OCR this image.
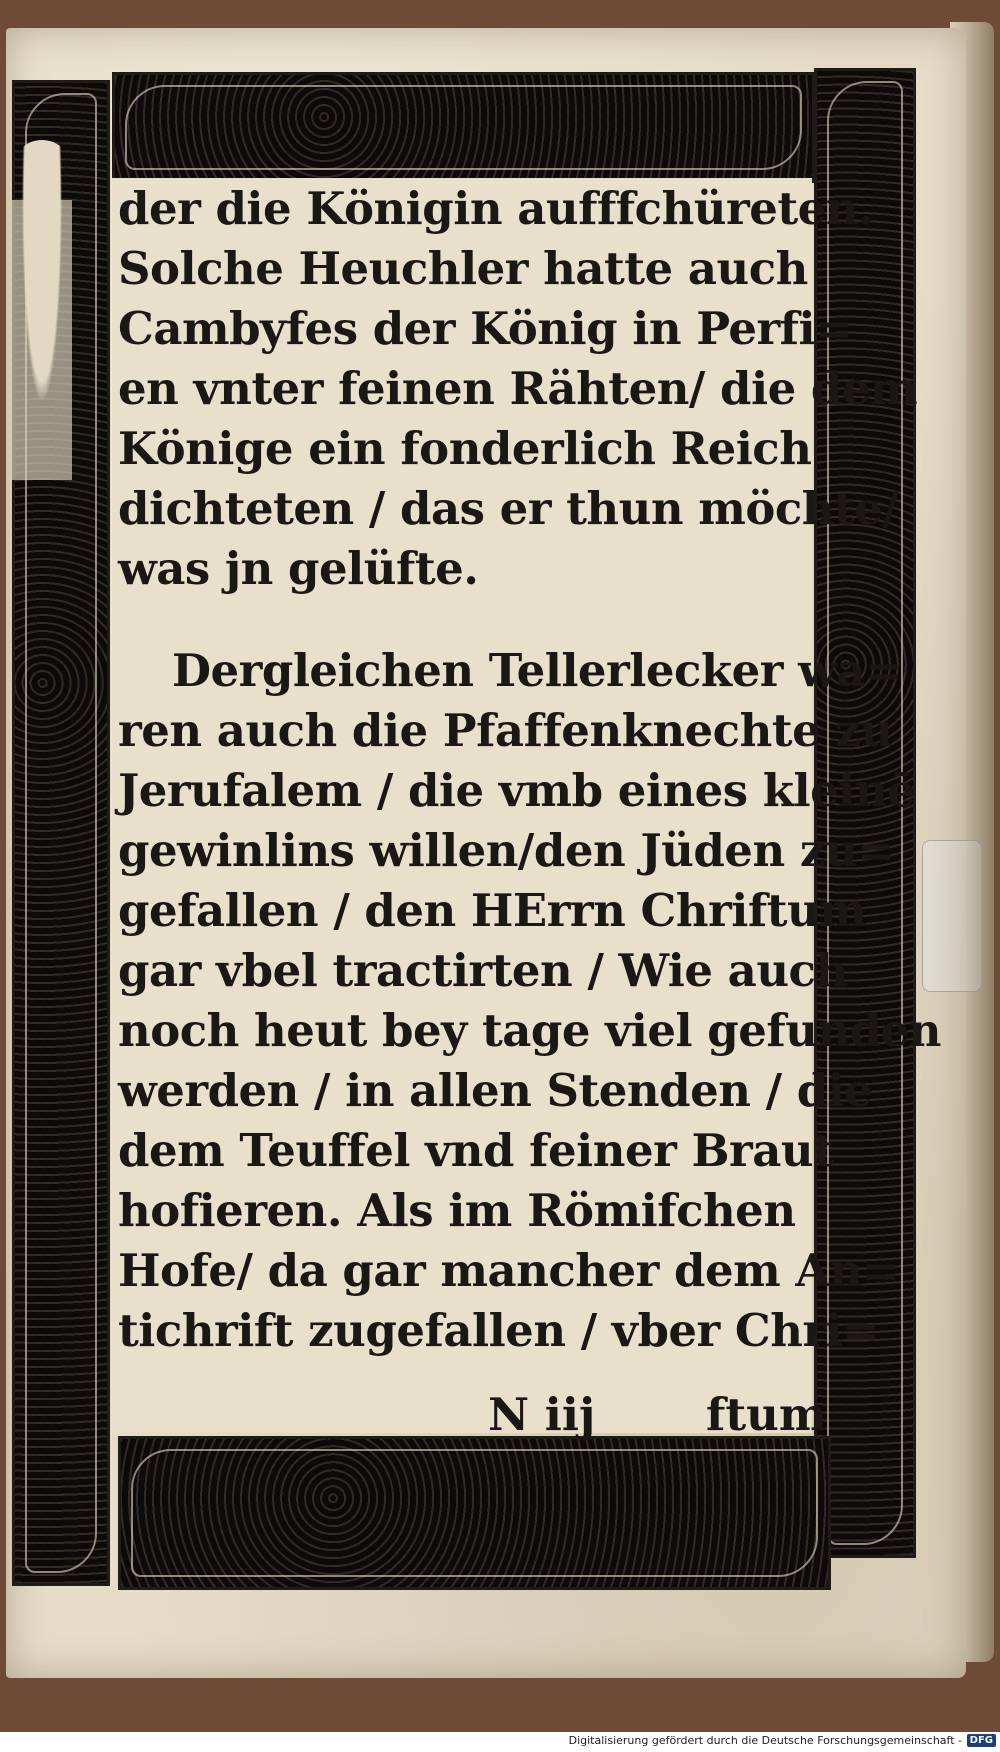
der die Königin aufffchüreten.
Solche Heuchler hatte auch
Cambyfes der König in Perfi=
en vnter feinen Rähten/ die dem
Könige ein fonderlich Reich
dichteten / das er thun möchte/
was jn gelüfte.
Dergleichen Tellerlecker wa=
ren auch die Pfaffenknechte zu
Jerufalem / die vmb eines kleinē
gewinlins willen/den Jüden zu=
gefallen / den HErrn Chriftum
gar vbel tractirten / Wie auch
noch heut bey tage viel gefunden
werden / in allen Stenden / die
dem Teuffel vnd feiner Braut
hofieren. Als im Römifchen
Hofe/ da gar mancher dem An=
tichrift zugefallen / vber Chri=
N iij ftum
Digitalisierung gefördert durch die Deutsche Forschungsgemeinschaft - DFG
